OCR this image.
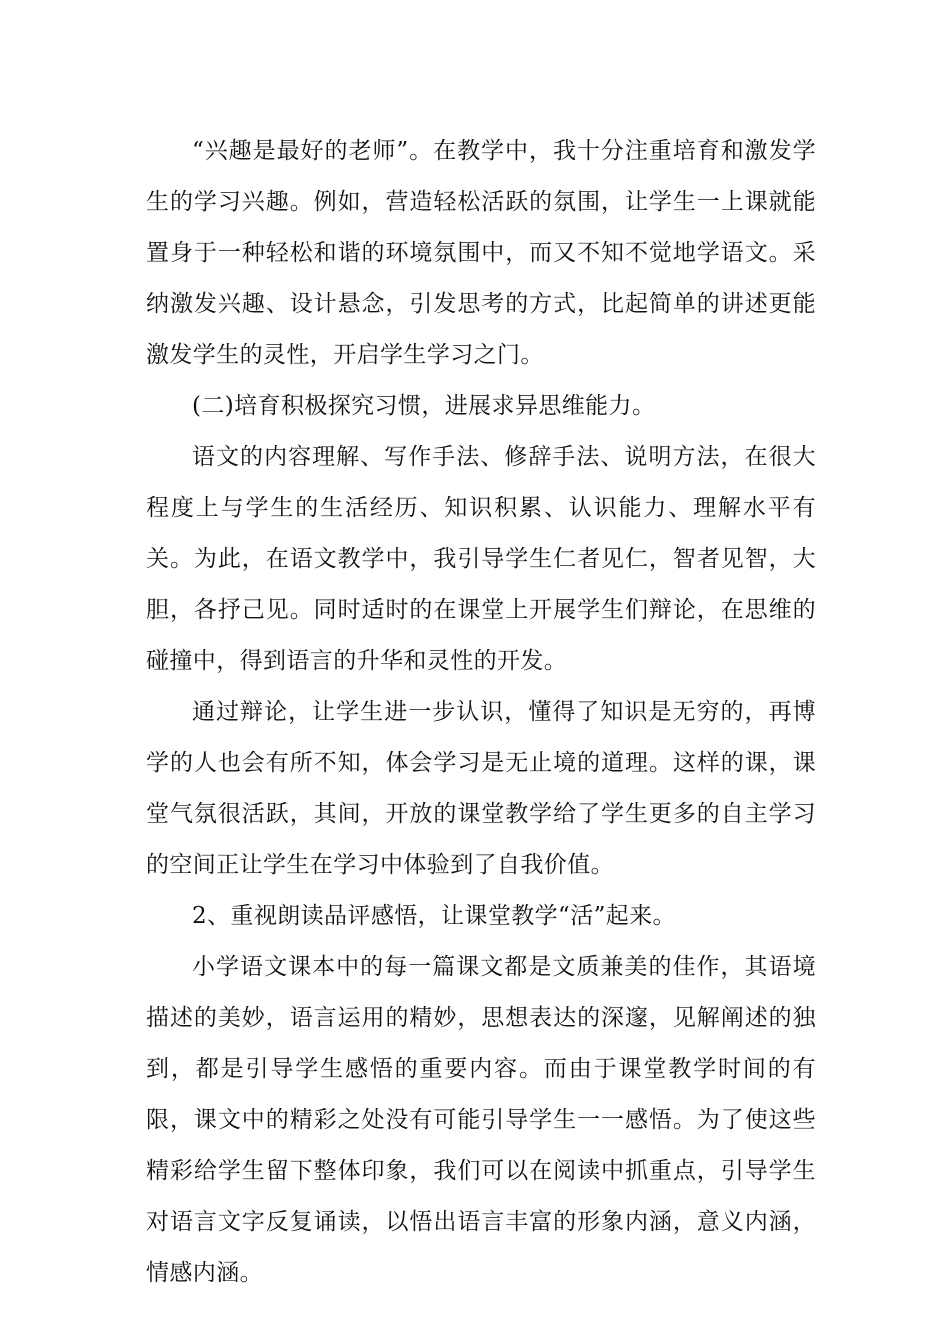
“兴趣是最好的老师”。在教学中，我十分注重培育和激发学生的学习兴趣。例如，营造轻松活跃的氛围，让学生一上课就能置身于一种轻松和谐的环境氛围中，而又不知不觉地学语文。采纳激发兴趣、设计悬念，引发思考的方式，比起简单的讲述更能激发学生的灵性，开启学生学习之门。

(二)培育积极探究习惯，进展求异思维能力。

语文的内容理解、写作手法、修辞手法、说明方法，在很大程度上与学生的生活经历、知识积累、认识能力、理解水平有关。为此，在语文教学中，我引导学生仁者见仁，智者见智，大胆，各抒己见。同时适时的在课堂上开展学生们辩论，在思维的碰撞中，得到语言的升华和灵性的开发。

通过辩论，让学生进一步认识，懂得了知识是无穷的，再博学的人也会有所不知，体会学习是无止境的道理。这样的课，课堂气氛很活跃，其间，开放的课堂教学给了学生更多的自主学习的空间正让学生在学习中体验到了自我价值。

2、重视朗读品评感悟，让课堂教学“活”起来。

小学语文课本中的每一篇课文都是文质兼美的佳作，其语境描述的美妙，语言运用的精妙，思想表达的深邃，见解阐述的独到，都是引导学生感悟的重要内容。而由于课堂教学时间的有限，课文中的精彩之处没有可能引导学生一一感悟。为了使这些精彩给学生留下整体印象，我们可以在阅读中抓重点，引导学生对语言文字反复诵读，以悟出语言丰富的形象内涵，意义内涵，情感内涵。
